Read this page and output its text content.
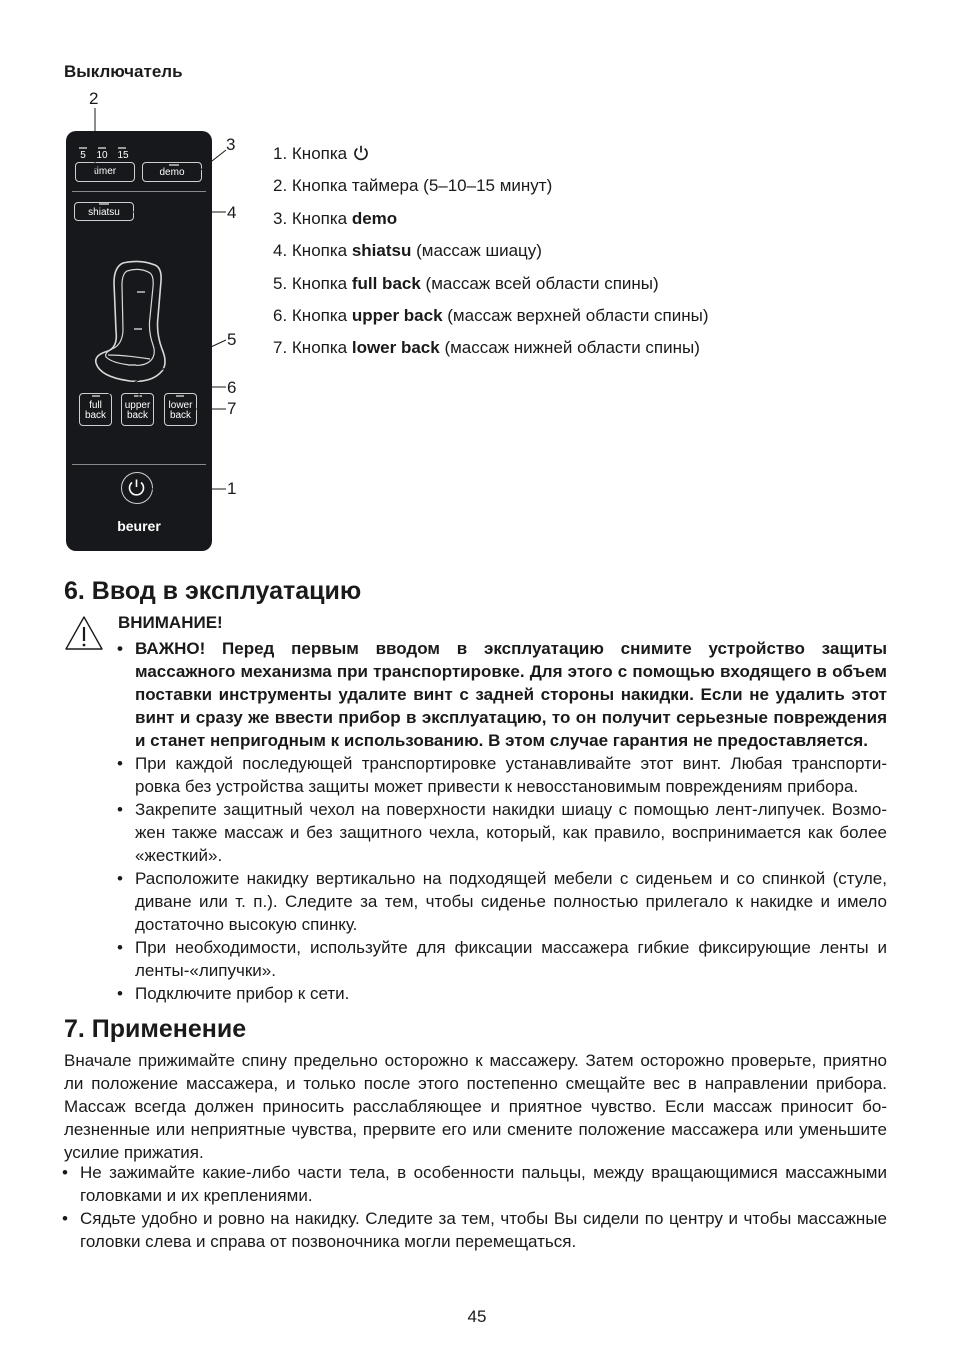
Выключатель
2
3
4
5
6
7
1
5 10 15
timer	demo
shiatsu
full
back
upper
back
lower
back
beurer
1. Кнопка
2. Кнопка таймера (5–10–15 минут)
3. Кнопка demo
4. Кнопка shiatsu (массаж шиацу)
5. Кнопка full back (массаж всей области спины)
6. Кнопка upper back (массаж верхней области спины)
7. Кнопка lower back (массаж нижней области спины)
6. Ввод в эксплуатацию
ВНИМАНИЕ!
• ВАЖНО! Перед первым вводом в эксплуатацию снимите устройство защиты массажного механизма при транспортировке. Для этого с помощью входящего в объем поставки инструменты удалите винт с задней стороны накидки. Если не удалить этот винт и сразу же ввести прибор в эксплуатацию, то он получит серьезные повреждения и станет непригодным к использованию. В этом случае гарантия не предоставляется.
• При каждой последующей транспортировке устанавливайте этот винт. Любая транспортировка без устройства защиты может привести к невосстановимым повреждениям прибора.
• Закрепите защитный чехол на поверхности накидки шиацу с помощью лент-липучек. Возможен также массаж и без защитного чехла, который, как правило, воспринимается как более «жесткий».
• Расположите накидку вертикально на подходящей мебели с сиденьем и со спинкой (стуле, диване или т. п.). Следите за тем, чтобы сиденье полностью прилегало к накидке и имело достаточно высокую спинку.
• При необходимости, используйте для фиксации массажера гибкие фиксирующие ленты и ленты-«липучки».
• Подключите прибор к сети.
7. Применение
Вначале прижимайте спину предельно осторожно к массажеру. Затем осторожно проверьте, приятно ли положение массажера, и только после этого постепенно смещайте вес в направлении прибора. Массаж всегда должен приносить расслабляющее и приятное чувство. Если массаж приносит болезненные или неприятные чувства, прервите его или смените положение массажера или уменьшите усилие прижатия.
• Не зажимайте какие-либо части тела, в особенности пальцы, между вращающимися массажными головками и их креплениями.
• Сядьте удобно и ровно на накидку. Следите за тем, чтобы Вы сидели по центру и чтобы массажные головки слева и справа от позвоночника могли перемещаться.
45
